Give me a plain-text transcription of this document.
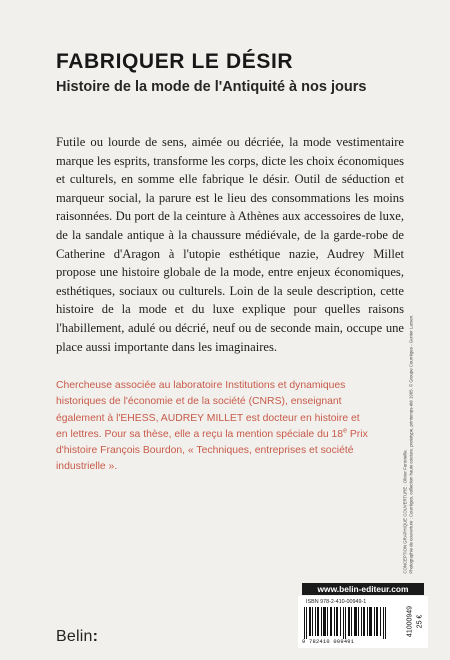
FABRIQUER LE DÉSIR
Histoire de la mode de l'Antiquité à nos jours

Futile ou lourde de sens, aimée ou décriée, la mode vestimentaire marque les esprits, transforme les corps, dicte les choix économiques et culturels, en somme elle fabrique le désir. Outil de séduction et marqueur social, la parure est le lieu des consommations les moins raisonnées. Du port de la ceinture à Athènes aux accessoires de luxe, de la sandale antique à la chaussure médiévale, de la garde-robe de Catherine d'Aragon à l'utopie esthétique nazie, Audrey Millet propose une histoire globale de la mode, entre enjeux économiques, esthétiques, sociaux ou culturels. Loin de la seule description, cette histoire de la mode et du luxe explique pour quelles raisons l'habillement, adulé ou décrié, neuf ou de seconde main, occupe une place aussi importante dans les imaginaires.

Chercheuse associée au laboratoire Institutions et dynamiques historiques de l'économie et de la société (CNRS), enseignant également à l'EHESS, AUDREY MILLET est docteur en histoire et en lettres. Pour sa thèse, elle a reçu la mention spéciale du 18e Prix d'histoire François Bourdon, « Techniques, entreprises et société industrielle ».	CONCEPTION GRAPHIQUE COUVERTURE : Olivier Fontvieille. Photographie de couverture : Courrèges, collection haute couture, prototype, printemps-été 1965. © Groupe Courrèges - Gunter Larsen.
www.belin-editeur.com
ISBN 978-2-410-00949-1
9 782410 009491
41000949 25 €
Belin:
